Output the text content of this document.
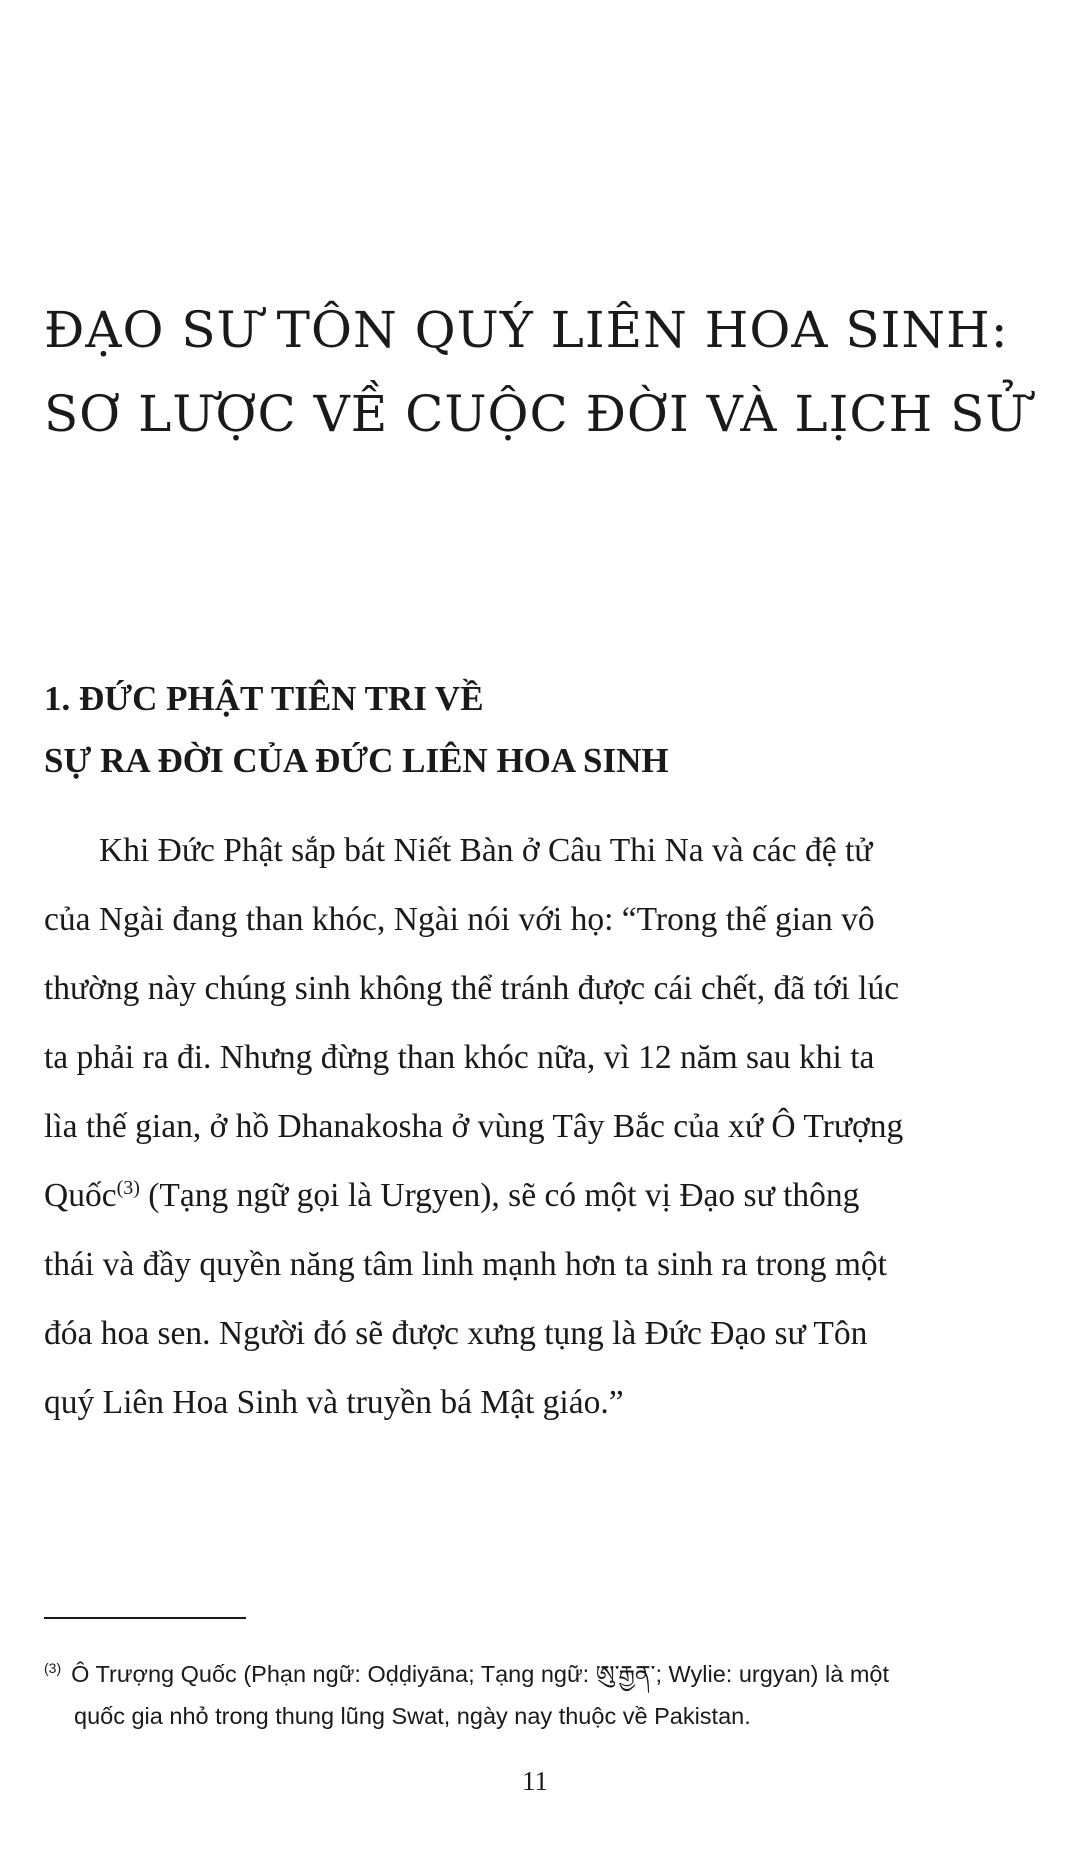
ĐẠO SƯ TÔN QUÝ LIÊN HOA SINH:
SƠ LƯỢC VỀ CUỘC ĐỜI VÀ LỊCH SỬ
1. ĐỨC PHẬT TIÊN TRI VỀ
SỰ RA ĐỜI CỦA ĐỨC LIÊN HOA SINH
Khi Đức Phật sắp bát Niết Bàn ở Câu Thi Na và các đệ tử
của Ngài đang than khóc, Ngài nói với họ: “Trong thế gian vô
thường này chúng sinh không thể tránh được cái chết, đã tới lúc
ta phải ra đi. Nhưng đừng than khóc nữa, vì 12 năm sau khi ta
lìa thế gian, ở hồ Dhanakosha ở vùng Tây Bắc của xứ Ô Trượng
Quốc$^{(3)}$ (Tạng ngữ gọi là Urgyen), sẽ có một vị Đạo sư thông
thái và đầy quyền năng tâm linh mạnh hơn ta sinh ra trong một
đóa hoa sen. Người đó sẽ được xưng tụng là Đức Đạo sư Tôn
quý Liên Hoa Sinh và truyền bá Mật giáo.”
$^{(3)}$ Ô Trượng Quốc (Phạn ngữ: Oḍḍiyāna; Tạng ngữ: ཨུ་རྒྱན་; Wylie: urgyan) là một
quốc gia nhỏ trong thung lũng Swat, ngày nay thuộc về Pakistan.
11
